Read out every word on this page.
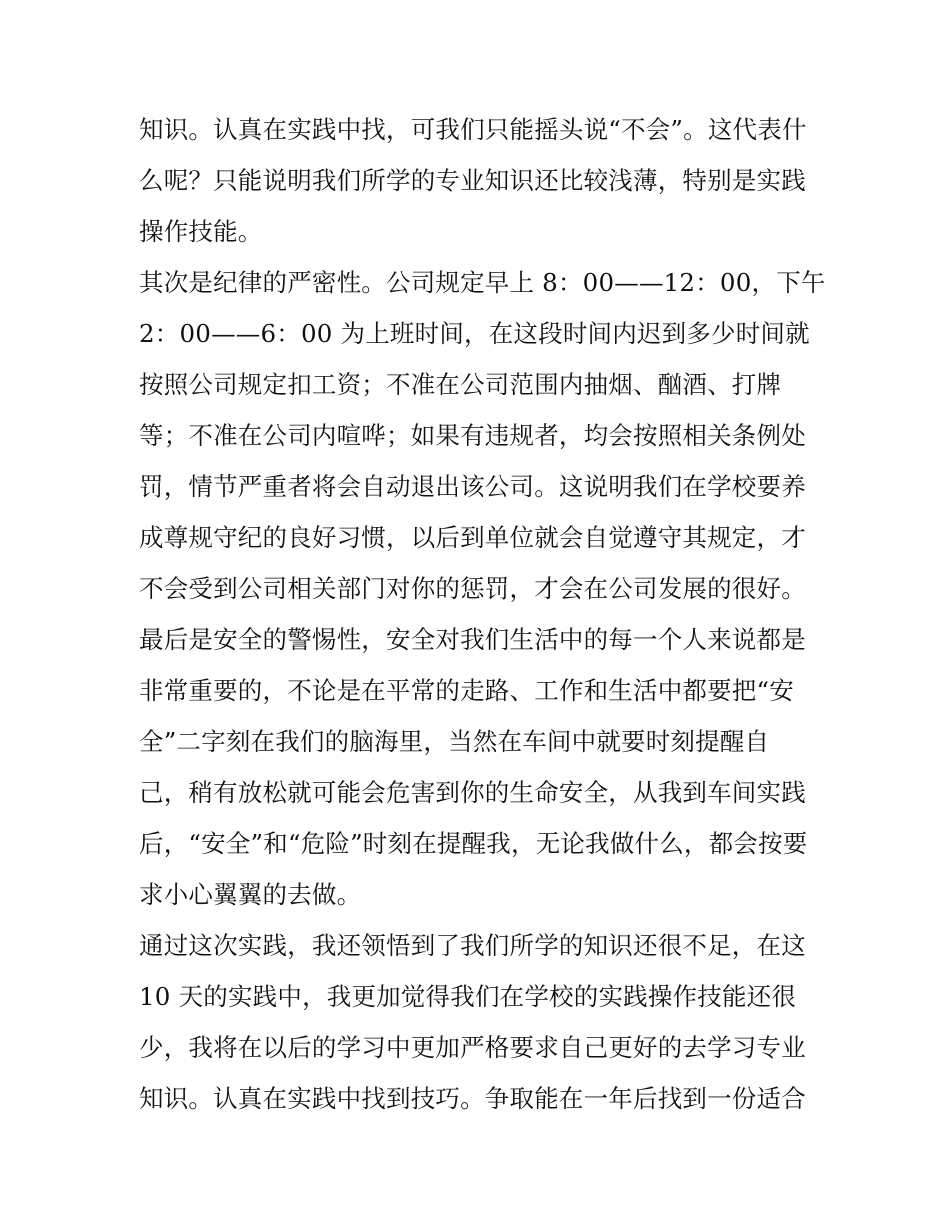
知识。认真在实践中找，可我们只能摇头说“不会”。这代表什
么呢？只能说明我们所学的专业知识还比较浅薄，特别是实践
操作技能。
其次是纪律的严密性。公司规定早上 8：00——12：00，下午
2：00——6：00 为上班时间，在这段时间内迟到多少时间就
按照公司规定扣工资；不准在公司范围内抽烟、酗酒、打牌
等；不准在公司内喧哗；如果有违规者，均会按照相关条例处
罚，情节严重者将会自动退出该公司。这说明我们在学校要养
成尊规守纪的良好习惯，以后到单位就会自觉遵守其规定，才
不会受到公司相关部门对你的惩罚，才会在公司发展的很好。
最后是安全的警惕性，安全对我们生活中的每一个人来说都是
非常重要的，不论是在平常的走路、工作和生活中都要把“安
全”二字刻在我们的脑海里，当然在车间中就要时刻提醒自
己，稍有放松就可能会危害到你的生命安全，从我到车间实践
后，“安全”和“危险”时刻在提醒我，无论我做什么，都会按要
求小心翼翼的去做。
通过这次实践，我还领悟到了我们所学的知识还很不足，在这
10 天的实践中，我更加觉得我们在学校的实践操作技能还很
少，我将在以后的学习中更加严格要求自己更好的去学习专业
知识。认真在实践中找到技巧。争取能在一年后找到一份适合
